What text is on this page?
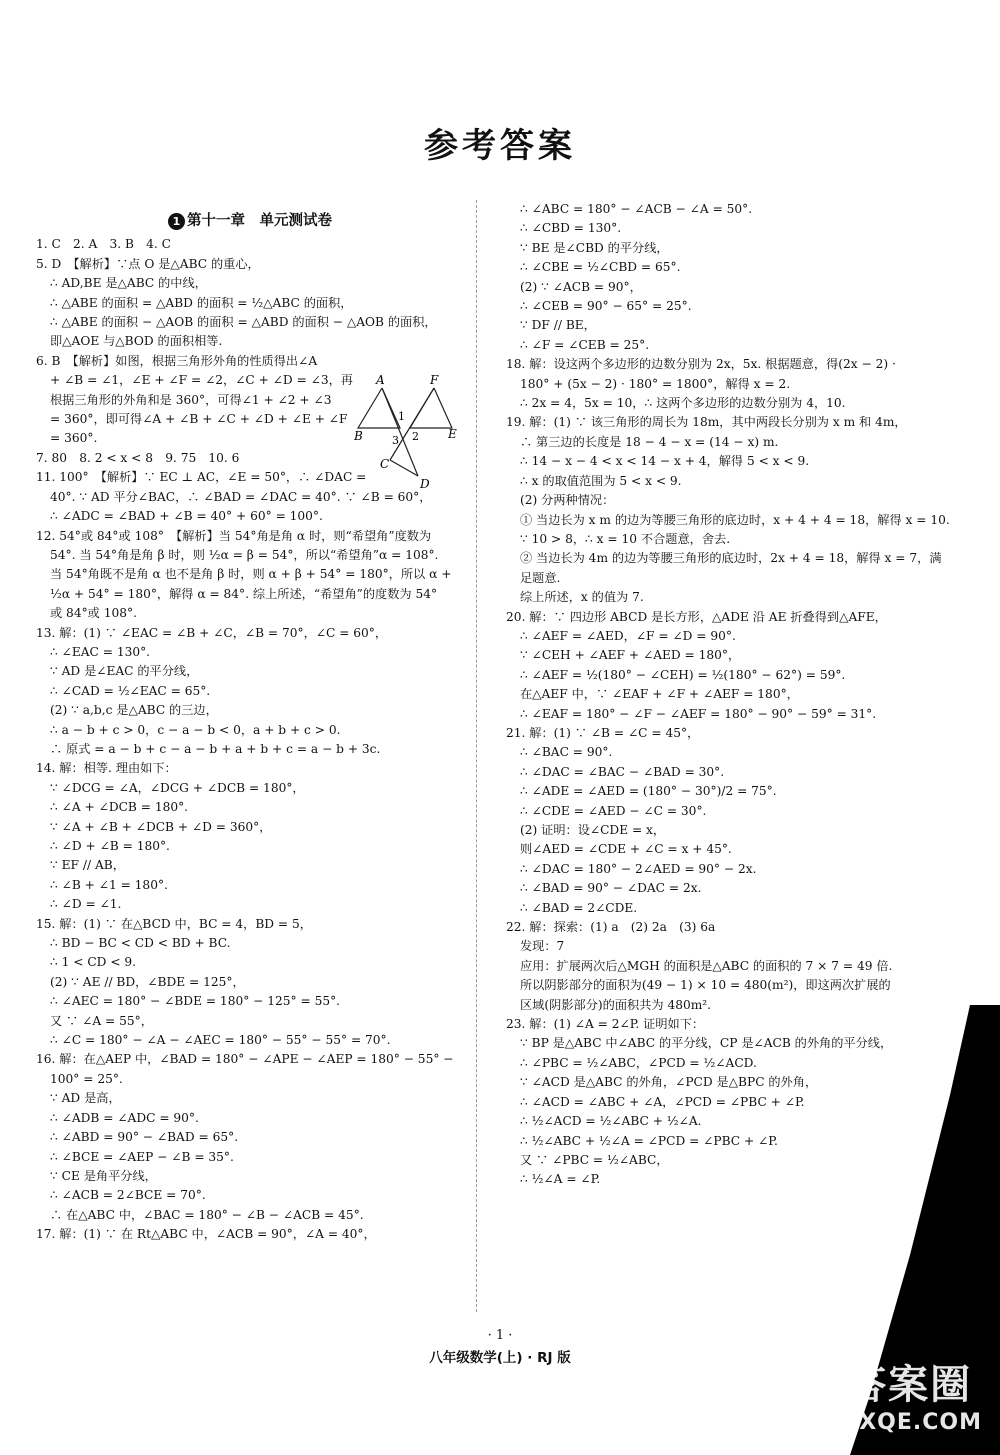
参考答案
1 第十一章　单元测试卷
1. C　2. A　3. B　4. C
5. D　【解析】∵点 O 是△ABC 的重心，
∴ AD,BE 是△ABC 的中线，
∴ △ABE 的面积 = △ABD 的面积 = ½△ABC 的面积，
∴ △ABE 的面积 − △AOB 的面积 = △ABD 的面积 − △AOB 的面积，
即△AOE 与△BOD 的面积相等.
6. B　【解析】如图，根据三角形外角的性质得出∠A
+ ∠B = ∠1，∠E + ∠F = ∠2，∠C + ∠D = ∠3，再
根据三角形的外角和是 360°，可得∠1 + ∠2 + ∠3
= 360°，即可得∠A + ∠B + ∠C + ∠D + ∠E + ∠F
= 360°.
7. 80　8. 2 < x < 8　9. 75　10. 6
11. 100°　【解析】∵ EC ⊥ AC，∠E = 50°，∴ ∠DAC =
40°. ∵ AD 平分∠BAC，∴ ∠BAD = ∠DAC = 40°. ∵ ∠B = 60°，
∴ ∠ADC = ∠BAD + ∠B = 40° + 60° = 100°.
12. 54°或 84°或 108°　【解析】当 54°角是角 α 时，则“希望角”度数为
54°. 当 54°角是角 β 时，则 ½α = β = 54°，所以“希望角”α = 108°.
当 54°角既不是角 α 也不是角 β 时，则 α + β + 54° = 180°，所以 α +
½α + 54° = 180°，解得 α = 84°. 综上所述，“希望角”的度数为 54°
或 84°或 108°.
13. 解：(1) ∵ ∠EAC = ∠B + ∠C，∠B = 70°，∠C = 60°，
∴ ∠EAC = 130°.
∵ AD 是∠EAC 的平分线，
∴ ∠CAD = ½∠EAC = 65°.
(2) ∵ a,b,c 是△ABC 的三边，
∴ a − b + c > 0，c − a − b < 0，a + b + c > 0.
∴ 原式 = a − b + c − a − b + a + b + c = a − b + 3c.
14. 解：相等. 理由如下：
∵ ∠DCG = ∠A，∠DCG + ∠DCB = 180°，
∴ ∠A + ∠DCB = 180°.
∵ ∠A + ∠B + ∠DCB + ∠D = 360°，
∴ ∠D + ∠B = 180°.
∵ EF // AB，
∴ ∠B + ∠1 = 180°.
∴ ∠D = ∠1.
15. 解：(1) ∵ 在△BCD 中，BC = 4，BD = 5，
∴ BD − BC < CD < BD + BC.
∴ 1 < CD < 9.
(2) ∵ AE // BD，∠BDE = 125°，
∴ ∠AEC = 180° − ∠BDE = 180° − 125° = 55°.
又 ∵ ∠A = 55°，
∴ ∠C = 180° − ∠A − ∠AEC = 180° − 55° − 55° = 70°.
16. 解：在△AEP 中，∠BAD = 180° − ∠APE − ∠AEP = 180° − 55° −
100° = 25°.
∵ AD 是高，
∴ ∠ADB = ∠ADC = 90°.
∴ ∠ABD = 90° − ∠BAD = 65°.
∴ ∠BCE = ∠AEP − ∠B = 35°.
∵ CE 是角平分线，
∴ ∠ACB = 2∠BCE = 70°.
∴ 在△ABC 中，∠BAC = 180° − ∠B − ∠ACB = 45°.
17. 解：(1) ∵ 在 Rt△ABC 中，∠ACB = 90°，∠A = 40°，
∴ ∠ABC = 180° − ∠ACB − ∠A = 50°.
∴ ∠CBD = 130°.
∵ BE 是∠CBD 的平分线，
∴ ∠CBE = ½∠CBD = 65°.
(2) ∵ ∠ACB = 90°，
∴ ∠CEB = 90° − 65° = 25°.
∵ DF // BE，
∴ ∠F = ∠CEB = 25°.
18. 解：设这两个多边形的边数分别为 2x，5x. 根据题意，得(2x − 2) ·
180° + (5x − 2) · 180° = 1800°，解得 x = 2.
∴ 2x = 4，5x = 10，∴ 这两个多边形的边数分别为 4，10.
19. 解：(1) ∵ 该三角形的周长为 18m，其中两段长分别为 x m 和 4m，
∴ 第三边的长度是 18 − 4 − x = (14 − x) m.
∴ 14 − x − 4 < x < 14 − x + 4，解得 5 < x < 9.
∴ x 的取值范围为 5 < x < 9.
(2) 分两种情况：
① 当边长为 x m 的边为等腰三角形的底边时，x + 4 + 4 = 18，解得 x = 10.
∵ 10 > 8，∴ x = 10 不合题意，舍去.
② 当边长为 4m 的边为等腰三角形的底边时，2x + 4 = 18，解得 x = 7，满
足题意.
综上所述，x 的值为 7.
20. 解：∵ 四边形 ABCD 是长方形，△ADE 沿 AE 折叠得到△AFE，
∴ ∠AEF = ∠AED，∠F = ∠D = 90°.
∵ ∠CEH + ∠AEF + ∠AED = 180°，
∴ ∠AEF = ½(180° − ∠CEH) = ½(180° − 62°) = 59°.
在△AEF 中，∵ ∠EAF + ∠F + ∠AEF = 180°，
∴ ∠EAF = 180° − ∠F − ∠AEF = 180° − 90° − 59° = 31°.
21. 解：(1) ∵ ∠B = ∠C = 45°，
∴ ∠BAC = 90°.
∴ ∠DAC = ∠BAC − ∠BAD = 30°.
∴ ∠ADE = ∠AED = (180° − 30°)/2 = 75°.
∴ ∠CDE = ∠AED − ∠C = 30°.
(2) 证明：设∠CDE = x，
则∠AED = ∠CDE + ∠C = x + 45°.
∴ ∠DAC = 180° − 2∠AED = 90° − 2x.
∴ ∠BAD = 90° − ∠DAC = 2x.
∴ ∠BAD = 2∠CDE.
22. 解：探索：(1) a　(2) 2a　(3) 6a
发现：7
应用：扩展两次后△MGH 的面积是△ABC 的面积的 7 × 7 = 49 倍.
所以阴影部分的面积为(49 − 1) × 10 = 480(m²)，即这两次扩展的
区域(阴影部分)的面积共为 480m².
23. 解：(1) ∠A = 2∠P. 证明如下：
∵ BP 是△ABC 中∠ABC 的平分线，CP 是∠ACB 的外角的平分线，
∴ ∠PBC = ½∠ABC，∠PCD = ½∠ACD.
∵ ∠ACD 是△ABC 的外角，∠PCD 是△BPC 的外角，
∴ ∠ACD = ∠ABC + ∠A，∠PCD = ∠PBC + ∠P.
∴ ½∠ACD = ½∠ABC + ½∠A.
∴ ½∠ABC + ½∠A = ∠PCD = ∠PBC + ∠P.
又 ∵ ∠PBC = ½∠ABC，
∴ ½∠A = ∠P.
A	F
B	E
C
D
1
2
3
· 1 ·
八年级数学(上) · RJ 版
答案圈
MXQE.COM
